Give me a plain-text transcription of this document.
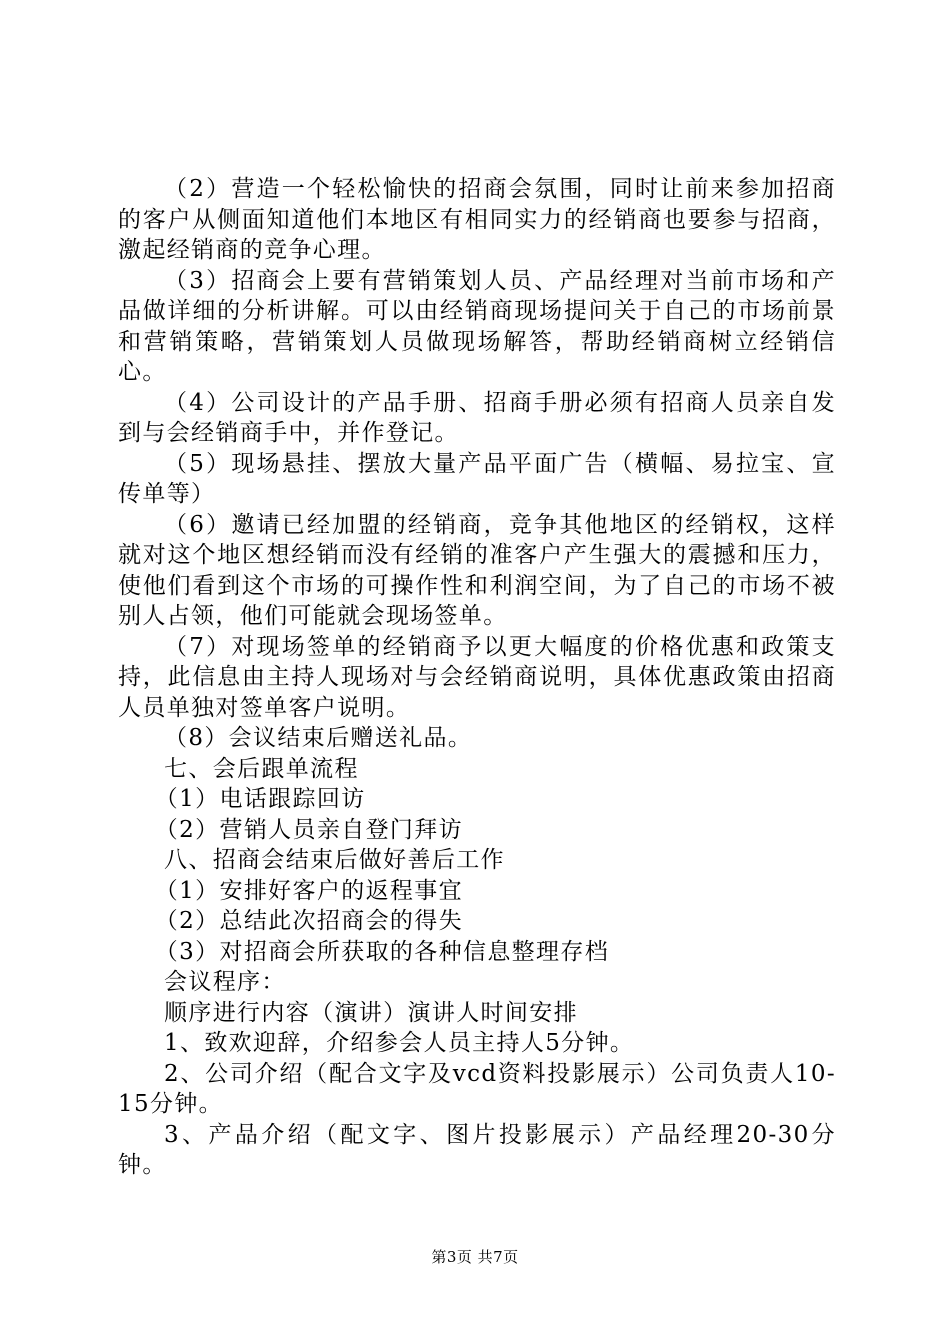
（2）营造一个轻松愉快的招商会氛围，同时让前来参加招商的客户从侧面知道他们本地区有相同实力的经销商也要参与招商，激起经销商的竞争心理。

（3）招商会上要有营销策划人员、产品经理对当前市场和产品做详细的分析讲解。可以由经销商现场提问关于自己的市场前景和营销策略，营销策划人员做现场解答，帮助经销商树立经销信心。

（4）公司设计的产品手册、招商手册必须有招商人员亲自发到与会经销商手中，并作登记。

（5）现场悬挂、摆放大量产品平面广告（横幅、易拉宝、宣传单等）

（6）邀请已经加盟的经销商，竞争其他地区的经销权，这样就对这个地区想经销而没有经销的准客户产生强大的震撼和压力，使他们看到这个市场的可操作性和利润空间，为了自己的市场不被别人占领，他们可能就会现场签单。

（7）对现场签单的经销商予以更大幅度的价格优惠和政策支持，此信息由主持人现场对与会经销商说明，具体优惠政策由招商人员单独对签单客户说明。

（8）会议结束后赠送礼品。

七、会后跟单流程

（1）电话跟踪回访

（2）营销人员亲自登门拜访

八、招商会结束后做好善后工作

（1）安排好客户的返程事宜

（2）总结此次招商会的得失

（3）对招商会所获取的各种信息整理存档

会议程序：

顺序进行内容（演讲）演讲人时间安排

1、致欢迎辞，介绍参会人员主持人5分钟。

2、公司介绍（配合文字及vcd资料投影展示）公司负责人10-15分钟。

3、产品介绍（配文字、图片投影展示）产品经理20-30分钟。

第3页 共7页
